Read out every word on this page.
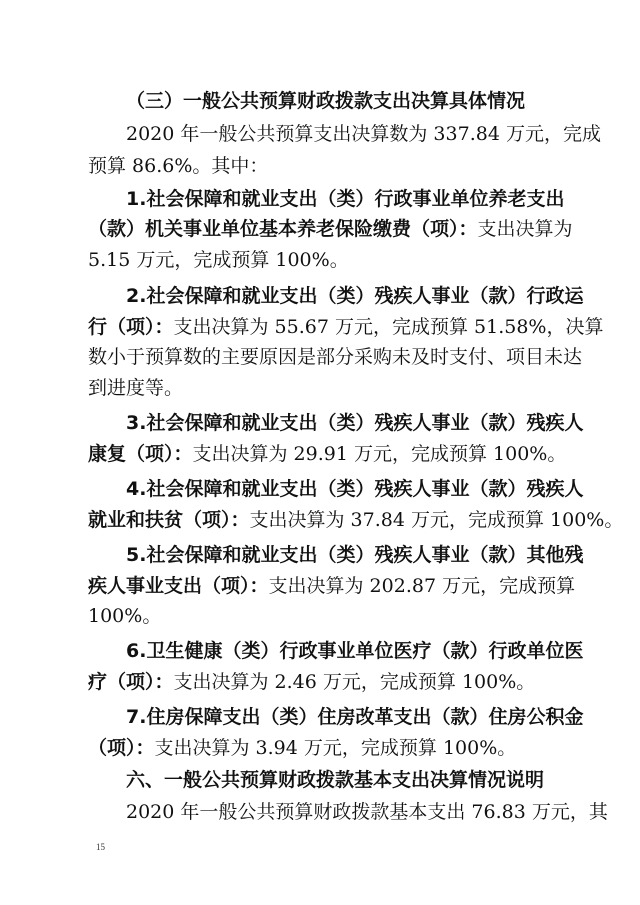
（三）一般公共预算财政拨款支出决算具体情况
2020 年一般公共预算支出决算数为 337.84 万元，完成
预算 86.6%。其中：
1.社会保障和就业支出（类）行政事业单位养老支出
（款）机关事业单位基本养老保险缴费（项）：支出决算为
5.15 万元，完成预算 100%。
2.社会保障和就业支出（类）残疾人事业（款）行政运
行（项）：支出决算为 55.67 万元，完成预算 51.58%，决算
数小于预算数的主要原因是部分采购未及时支付、项目未达
到进度等。
3.社会保障和就业支出（类）残疾人事业（款）残疾人
康复（项）：支出决算为 29.91 万元，完成预算 100%。
4.社会保障和就业支出（类）残疾人事业（款）残疾人
就业和扶贫（项）：支出决算为 37.84 万元，完成预算 100%。
5.社会保障和就业支出（类）残疾人事业（款）其他残
疾人事业支出（项）：支出决算为 202.87 万元，完成预算
100%。
6.卫生健康（类）行政事业单位医疗（款）行政单位医
疗（项）：支出决算为 2.46 万元，完成预算 100%。
7.住房保障支出（类）住房改革支出（款）住房公积金
（项）：支出决算为 3.94 万元，完成预算 100%。
六、一般公共预算财政拨款基本支出决算情况说明
2020 年一般公共预算财政拨款基本支出 76.83 万元，其
15
